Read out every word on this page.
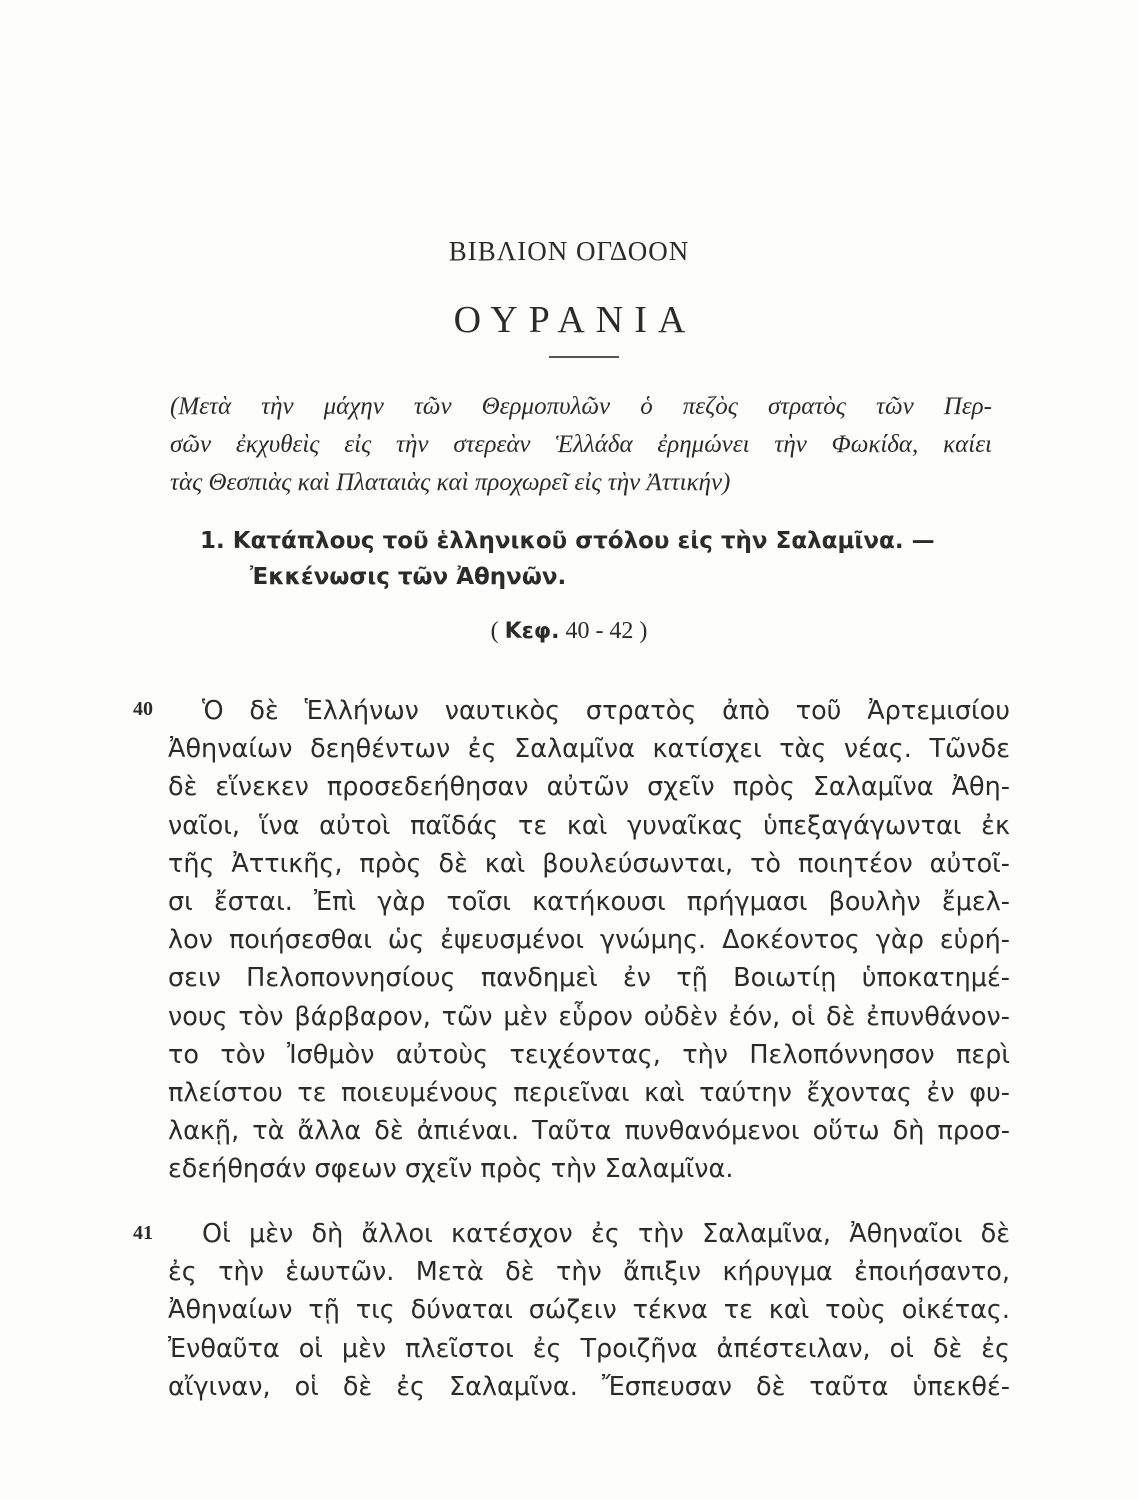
ΒΙΒΛΙΟΝ ΟΓΔΟΟΝ
ΟΥΡΑΝΙΑ
(Μετὰ τὴν μάχην τῶν Θερμοπυλῶν ὁ πεζὸς στρατὸς τῶν Περ-
σῶν ἐκχυθεὶς εἰς τὴν στερεὰν Ἑλλάδα ἐρημώνει τὴν Φωκίδα, καίει
τὰς Θεσπιὰς καὶ Πλαταιὰς καὶ προχωρεῖ εἰς τὴν Ἀττικήν)
1. Κατάπλους τοῦ ἑλληνικοῦ στόλου εἰς τὴν Σαλαμῖνα. —
Ἐκκένωσις τῶν Ἀθηνῶν.
( Κεφ. 40 - 42 )
40	Ὁ δὲ Ἑλλήνων ναυτικὸς στρατὸς ἀπὸ τοῦ Ἀρτεμισίου
Ἀθηναίων δεηθέντων ἐς Σαλαμῖνα κατίσχει τὰς νέας. Τῶνδε
δὲ εἵνεκεν προσεδεήθησαν αὐτῶν σχεῖν πρὸς Σαλαμῖνα Ἀθη-
ναῖοι, ἵνα αὐτοὶ παῖδάς τε καὶ γυναῖκας ὑπεξαγάγωνται ἐκ
τῆς Ἀττικῆς, πρὸς δὲ καὶ βουλεύσωνται, τὸ ποιητέον αὐτοῖ-
σι ἔσται. Ἐπὶ γὰρ τοῖσι κατήκουσι πρήγμασι βουλὴν ἔμελ-
λον ποιήσεσθαι ὡς ἐψευσμένοι γνώμης. Δοκέοντος γὰρ εὑρή-
σειν Πελοποννησίους πανδημεὶ ἐν τῇ Βοιωτίῃ ὑποκατημέ-
νους τὸν βάρβαρον, τῶν μὲν εὗρον οὐδὲν ἐόν, οἱ δὲ ἐπυνθάνον-
το τὸν Ἰσθμὸν αὐτοὺς τειχέοντας, τὴν Πελοπόννησον περὶ
πλείστου τε ποιευμένους περιεῖναι καὶ ταύτην ἔχοντας ἐν φυ-
λακῇ, τὰ ἄλλα δὲ ἀπιέναι. Ταῦτα πυνθανόμενοι οὕτω δὴ προσ-
εδεήθησάν σφεων σχεῖν πρὸς τὴν Σαλαμῖνα.
41	Οἱ μὲν δὴ ἄλλοι κατέσχον ἐς τὴν Σαλαμῖνα, Ἀθηναῖοι δὲ
ἐς τὴν ἑωυτῶν. Μετὰ δὲ τὴν ἄπιξιν κήρυγμα ἐποιήσαντο,
Ἀθηναίων τῇ τις δύναται σώζειν τέκνα τε καὶ τοὺς οἰκέτας.
Ἐνθαῦτα οἱ μὲν πλεῖστοι ἐς Τροιζῆνα ἀπέστειλαν, οἱ δὲ ἐς
αἴγιναν, οἱ δὲ ἐς Σαλαμῖνα. Ἔσπευσαν δὲ ταῦτα ὑπεκθέ-
